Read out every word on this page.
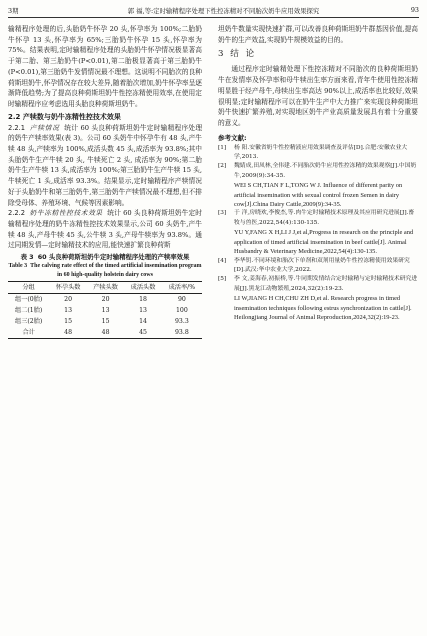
3期	郭 福,等:定时输精程序处理下性控冻精对不同胎次奶牛应用效果探究	93

输精程序处理的后,头胎奶牛怀孕 20 头,怀孕率为 100%;二胎奶牛怀孕 13 头,怀孕率为 65%;三胎奶牛怀孕 15 头,怀孕率为 75%。结果表明,定时输精程序处理的头胎奶牛怀孕情况极显著高于第二胎、第三胎奶牛(P<0.01),第二胎极显著高于第三胎奶牛(P<0.01),第三胎奶牛发情情况最不理想。这说明不同胎次的良种荷斯坦奶牛,怀孕情况存在较大差异,随着胎次增加,奶牛怀孕率呈逐渐降低趋势;为了提高良种荷斯坦奶牛性控冻精使用效率,在使用定时输精程序应考虑选用头胎良种荷斯坦奶牛。

2.2 产犊数与奶牛冻精性控技术效果

2.2.1 产犊情况 统计 60 头良种荷斯坦奶牛定时输精程序处理的奶牛产犊率效果(表 3)。公司 60 头奶牛中怀孕牛有 48 头,产牛犊 48 头,产犊率为 100%,成活头数 45 头,成活率为 93.8%;其中头胎奶牛生产牛犊 20 头, 牛犊死亡 2 头, 成活率为 90%;第二胎奶牛生产牛犊 13 头,成活率为 100%;第三胎奶牛生产牛犊 15 头,牛犊死亡 1 头,成活率 93.3%。结果显示,定时输精程序产犊情况好于头胎奶牛和第三胎奶牛,第三胎奶牛产犊情况最不理想,但不排除受母体、养殖环境、气候等因素影响。

2.2.2 奶牛冻精性控技术效果 统计 60 头良种荷斯坦奶牛定时输精程序处理的奶牛冻精性控技术效果显示,公司 60 头奶牛,产牛犊 48 头,产母牛犊 45 头,公牛犊 3 头,产母牛犊率为 93.8%。通过同期发情—定时输精技术的应用,能快速扩繁良种荷斯

表 3 60 头良种荷斯坦奶牛定时输精程序处理的产犊率效果
Table 3 The calving rate effect of the timed artificial insemination program in 60 high-quality holstein dairy cows
分组	怀孕头数	产犊头数	成活头数	成活率/%
组一(0胎)	20	20	18	90
组二(1胎)	13	13	13	100
组三(2胎)	15	15	14	93.3
合计	48	48	45	93.8

坦奶牛数量实现快速扩群,可以改善良种荷斯坦奶牛群基因价值,提高奶牛的生产效益,实现奶牛规模效益的目的。

3 结 论

通过程序定时输精处理下性控冻精对不同胎次的良种荷斯坦奶牛在发情率及怀孕率和母牛犊出生率方面来看,青年牛使用性控冻精明显胜于经产母牛,母犊出生率高达 90%以上,成活率也比较好,效果很明显;定时输精程序可以在奶牛生产中大力推广来实现良种荷斯坦奶牛快速扩繁养殖,对实现地区奶牛产业高质量发展具有着十分重要的意义。

参考文献:
[1]	杨 阳.安徽省奶牛性控精液应用效果调查及评估[D].合肥:安徽农业大学,2013.
[2]	魏婧成,田凤林,全伟建.不同胎次奶牛应用性控冻精的效果观察[J].中国奶牛,2009(9):34-35.
WEI S CH,TIAN F L,TONG W J. Influence of different parity on artificial insemination with sexual control frozen Semen in dairy cow[J].China Dairy Cattle,2009(9):34-35.
[3]	于 洋,房晓欢,李俊杰,等.肉牛定时输精技术原理及其应用研究进展[J].畜牧与兽医,2022,54(4):130-135.
YU Y,FANG X H,LI J J,et al,Progress in research on the principle and application of timed artificial insemination in beef cattle[J]. Animal Husbandry & Veterinary Medicine,2022,54(4):130-135.
[4]	李华钥.不同环境和胎次下单剂和双剂用量奶牛性控冻精使用效果研究[D].武汉:华中农业大学,2022.
[5]	李 文,姜海春,初振桥,等.牛同期发情结合定时输精与定时输精技术研究进展[J].黑龙江动物繁殖,2024,32(2):19-23.
LI W,JIANG H CH,CHU ZH D,et al. Research progress in timed insemination techniques following estrus synchronization in cattle[J]. Heilongjiang Journal of Animal Reproduction,2024,32(2):19-23.
